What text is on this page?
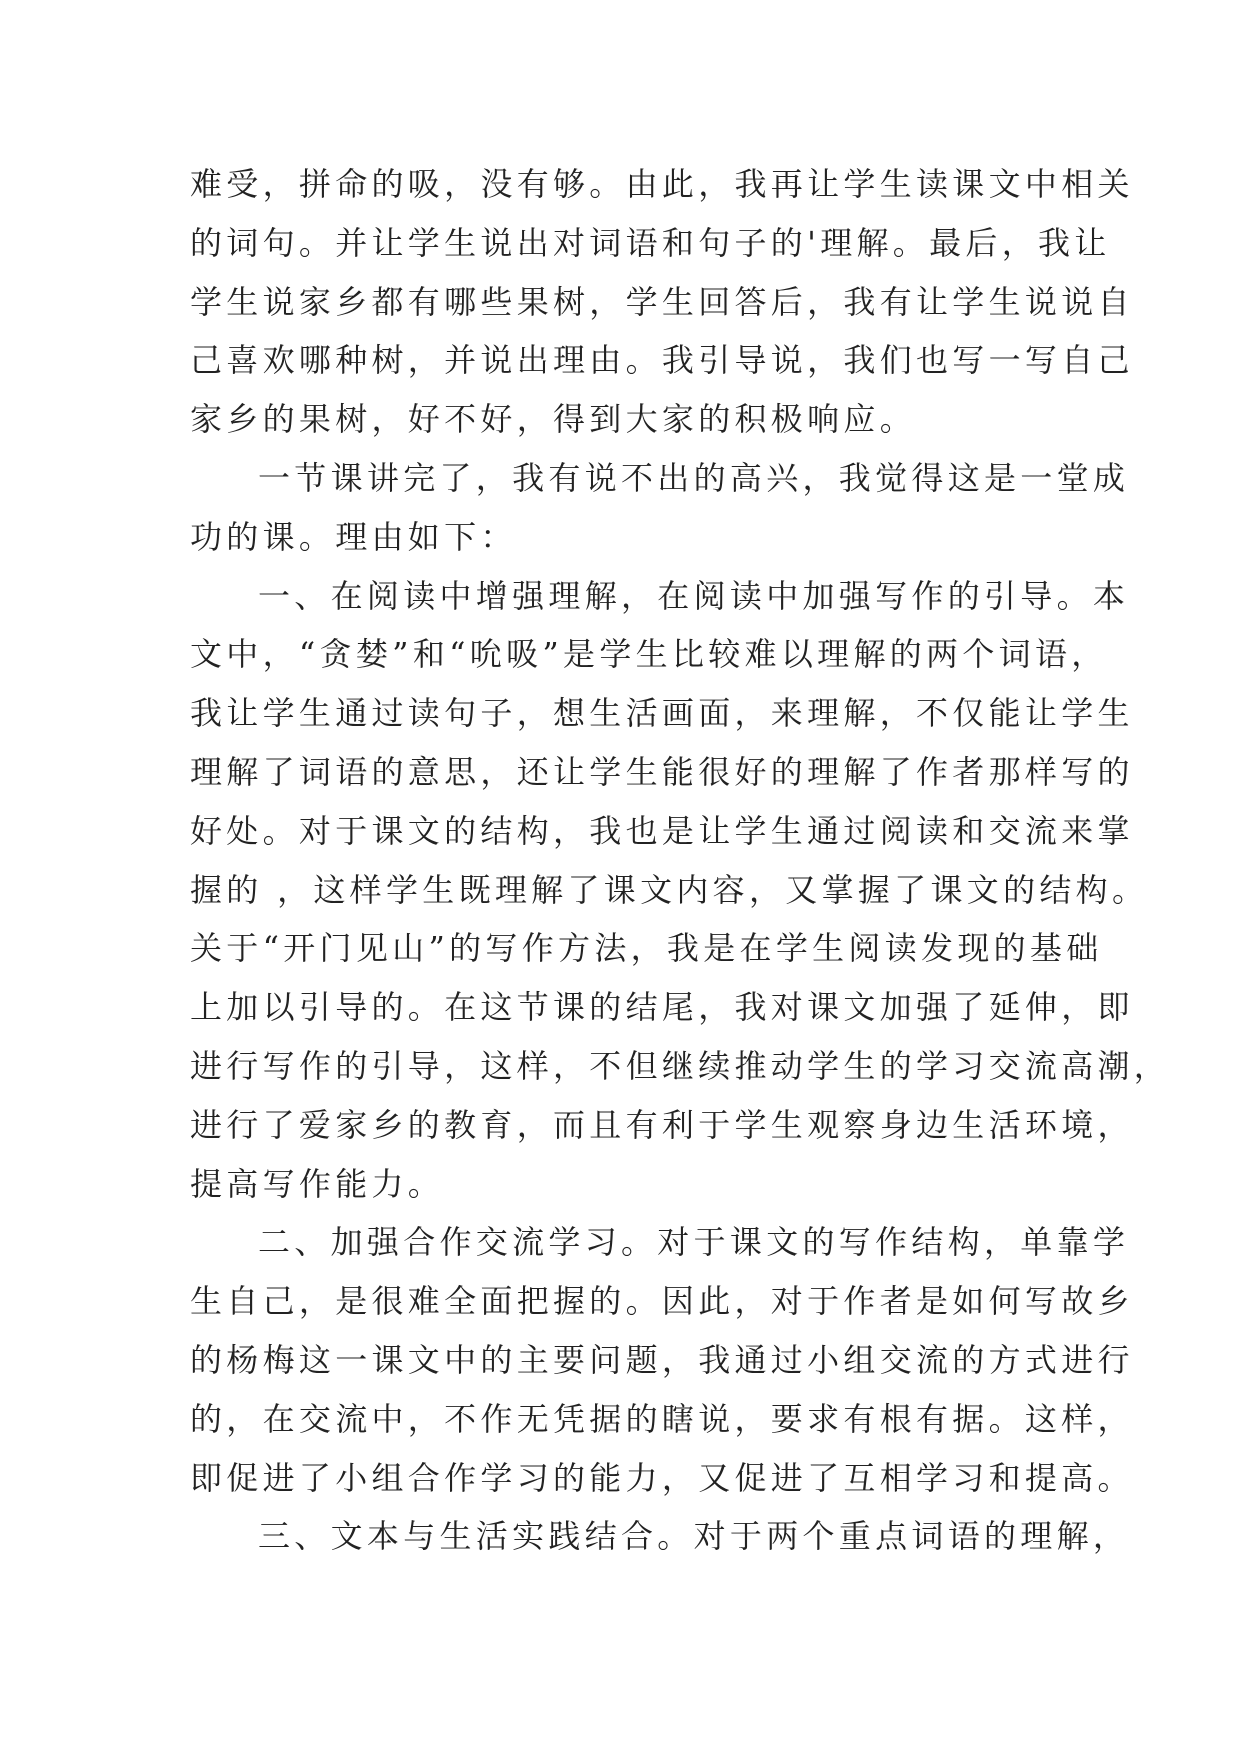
难受，拼命的吸，没有够。由此，我再让学生读课文中相关
的词句。并让学生说出对词语和句子的'理解。最后，我让
学生说家乡都有哪些果树，学生回答后，我有让学生说说自
己喜欢哪种树，并说出理由。我引导说，我们也写一写自己
家乡的果树，好不好，得到大家的积极响应。
一节课讲完了，我有说不出的高兴，我觉得这是一堂成
功的课。理由如下：
一、在阅读中增强理解，在阅读中加强写作的引导。本
文中，“贪婪”和“吮吸”是学生比较难以理解的两个词语，
我让学生通过读句子，想生活画面，来理解，不仅能让学生
理解了词语的意思，还让学生能很好的理解了作者那样写的
好处。对于课文的结构，我也是让学生通过阅读和交流来掌
握的 ，这样学生既理解了课文内容，又掌握了课文的结构。
关于“开门见山”的写作方法，我是在学生阅读发现的基础
上加以引导的。在这节课的结尾，我对课文加强了延伸，即
进行写作的引导，这样，不但继续推动学生的学习交流高潮，
进行了爱家乡的教育，而且有利于学生观察身边生活环境，
提高写作能力。
二、加强合作交流学习。对于课文的写作结构，单靠学
生自己，是很难全面把握的。因此，对于作者是如何写故乡
的杨梅这一课文中的主要问题，我通过小组交流的方式进行
的，在交流中，不作无凭据的瞎说，要求有根有据。这样，
即促进了小组合作学习的能力，又促进了互相学习和提高。
三、文本与生活实践结合。对于两个重点词语的理解，
